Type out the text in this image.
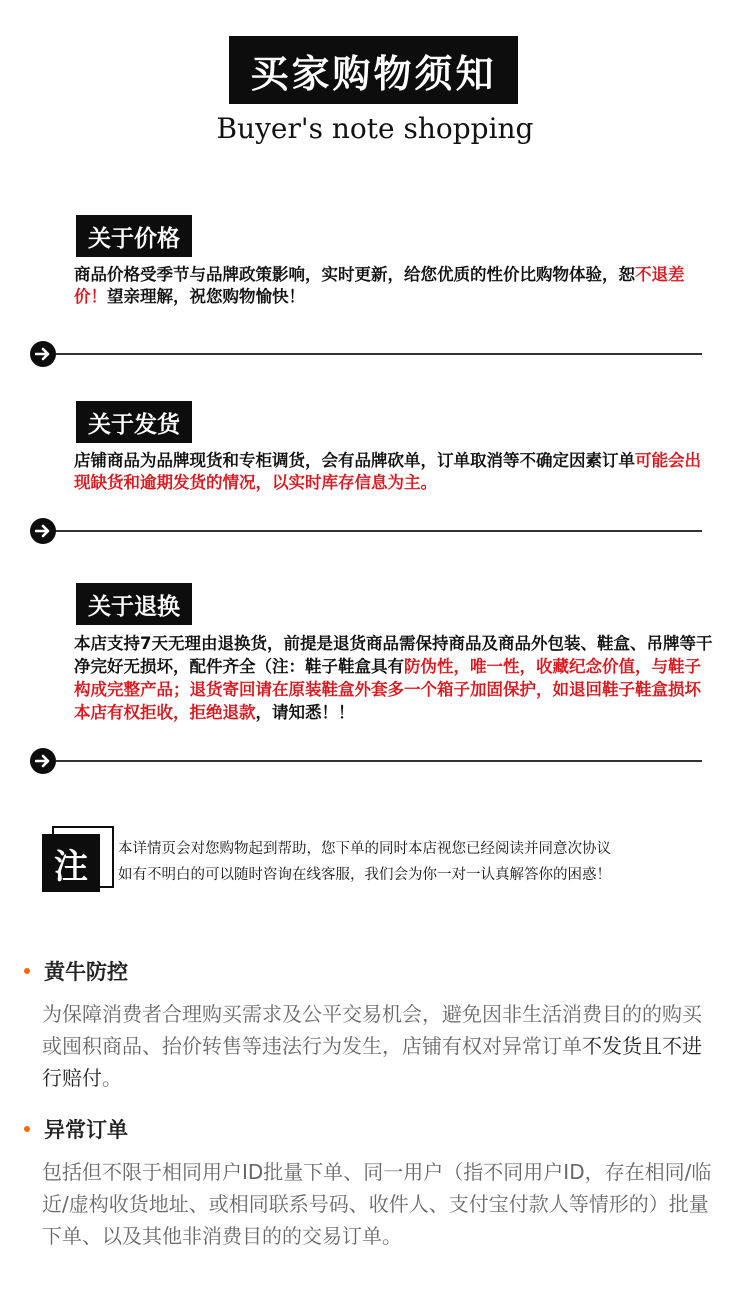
买家购物须知
Buyer's note shopping
关于价格
商品价格受季节与品牌政策影响，实时更新，给您优质的性价比购物体验，恕不退差价！望亲理解，祝您购物愉快！
关于发货
店铺商品为品牌现货和专柜调货，会有品牌砍单，订单取消等不确定因素订单可能会出现缺货和逾期发货的情况，以实时库存信息为主。
关于退换
本店支持7天无理由退换货，前提是退货商品需保持商品及商品外包装、鞋盒、吊牌等干净完好无损坏，配件齐全（注：鞋子鞋盒具有防伪性，唯一性，收藏纪念价值，与鞋子构成完整产品；退货寄回请在原装鞋盒外套多一个箱子加固保护，如退回鞋子鞋盒损坏本店有权拒收，拒绝退款，请知悉！！
注	本详情页会对您购物起到帮助，您下单的同时本店视您已经阅读并同意次协议
如有不明白的可以随时咨询在线客服，我们会为你一对一认真解答你的困惑！
黄牛防控
为保障消费者合理购买需求及公平交易机会，避免因非生活消费目的的购买或囤积商品、抬价转售等违法行为发生，店铺有权对异常订单不发货且不进行赔付。
异常订单
包括但不限于相同用户ID批量下单、同一用户（指不同用户ID，存在相同/临近/虚构收货地址、或相同联系号码、收件人、支付宝付款人等情形的）批量下单、以及其他非消费目的的交易订单。
